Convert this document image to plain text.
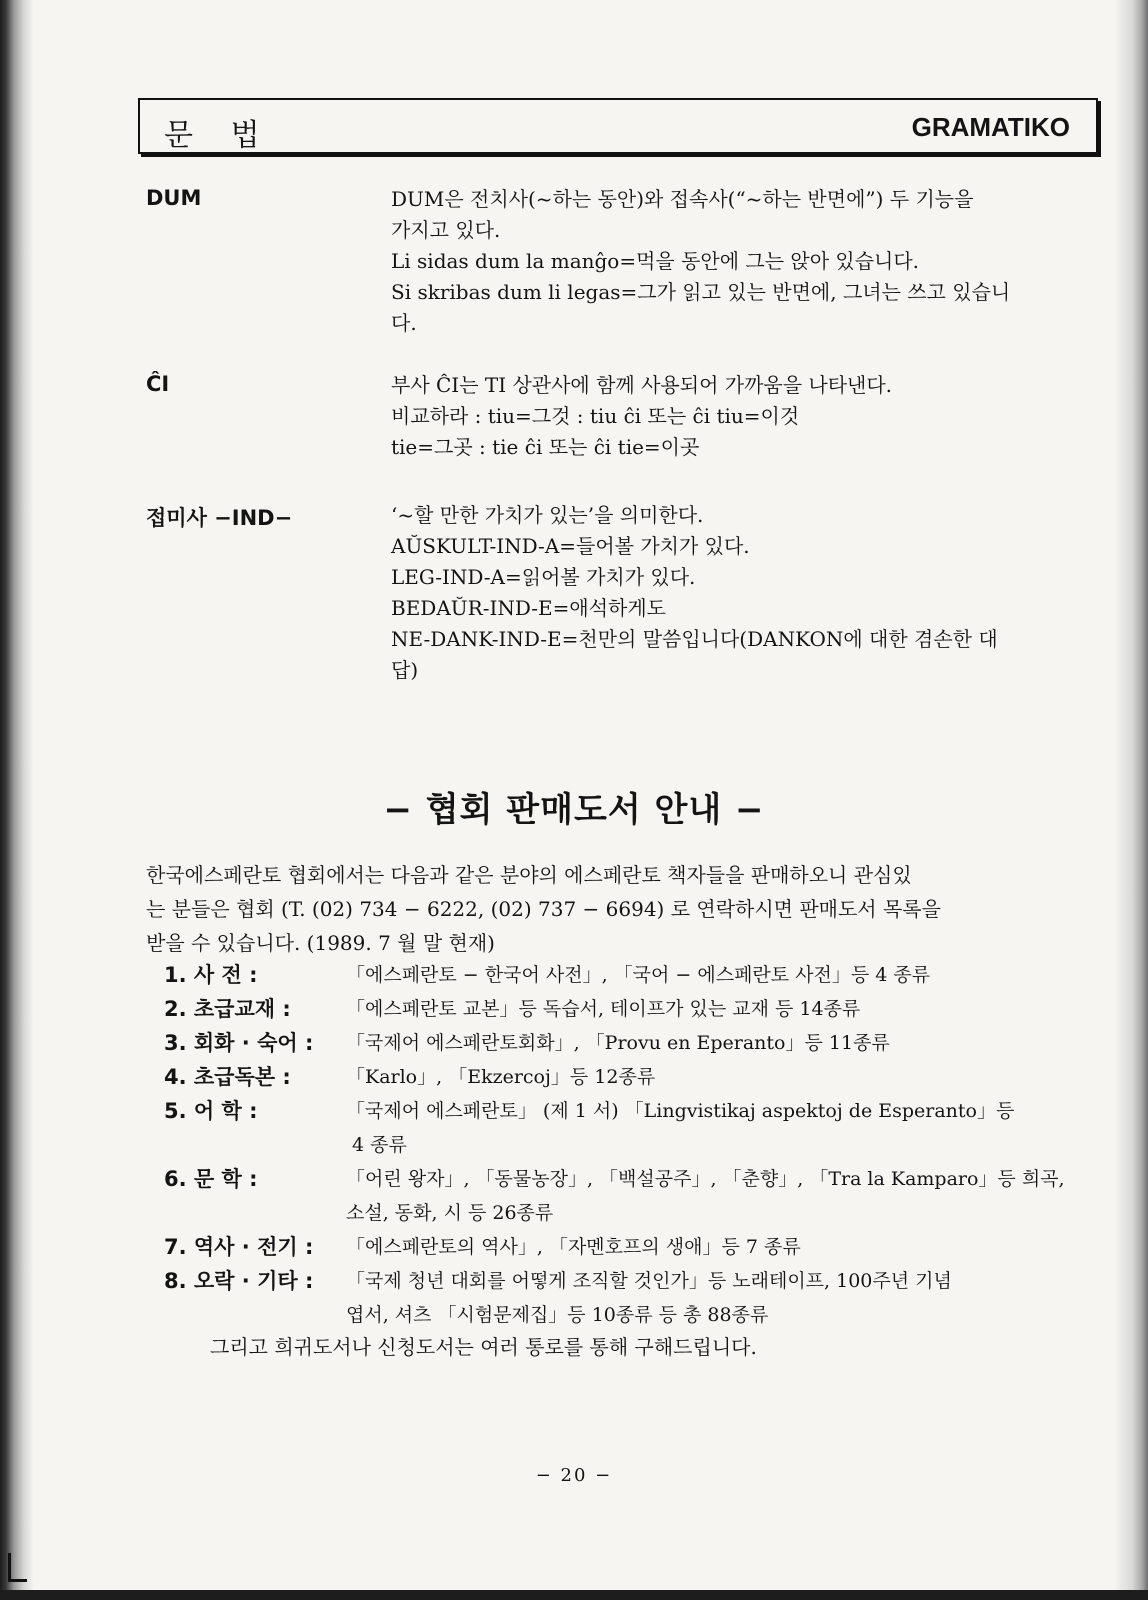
문 법	GRAMATIKO
DUM	DUM은 전치사(~하는 동안)와 접속사(“~하는 반면에”) 두 기능을
가지고 있다.
Li sidas dum la manĝo=먹을 동안에 그는 앉아 있습니다.
Si skribas dum li legas=그가 읽고 있는 반면에, 그녀는 쓰고 있습니
다.
ĈI	부사 ĈI는 TI 상관사에 함께 사용되어 가까움을 나타낸다.
비교하라 : tiu=그것 : tiu ĉi 또는 ĉi tiu=이것
tie=그곳 : tie ĉi 또는 ĉi tie=이곳
접미사 −IND−	‘~할 만한 가치가 있는’을 의미한다.
AŬSKULT-IND-A=들어볼 가치가 있다.
LEG-IND-A=읽어볼 가치가 있다.
BEDAŬR-IND-E=애석하게도
NE-DANK-IND-E=천만의 말씀입니다(DANKON에 대한 겸손한 대
답)
− 협회 판매도서 안내 −
한국에스페란토 협회에서는 다음과 같은 분야의 에스페란토 책자들을 판매하오니 관심있
는 분들은 협회 (T. (02) 734 − 6222, (02) 737 − 6694) 로 연락하시면 판매도서 목록을
받을 수 있습니다. (1989. 7 월 말 현재)
1. 사 전 :	「에스페란토 − 한국어 사전」, 「국어 − 에스페란토 사전」등 4 종류
2. 초급교재 :	「에스페란토 교본」등 독습서, 테이프가 있는 교재 등 14종류
3. 회화 · 숙어 :	「국제어 에스페란토회화」, 「Provu en Eperanto」등 11종류
4. 초급독본 :	「Karlo」, 「Ekzercoj」등 12종류
5. 어 학 :	「국제어 에스페란토」 (제 1 서) 「Lingvistikaj aspektoj de Esperanto」등
4 종류
6. 문 학 :	「어린 왕자」, 「동물농장」, 「백설공주」, 「춘향」, 「Tra la Kamparo」등 희곡,
소설, 동화, 시 등 26종류
7. 역사 · 전기 :	「에스페란토의 역사」, 「자멘호프의 생애」등 7 종류
8. 오락 · 기타 :	「국제 청년 대회를 어떻게 조직할 것인가」등 노래테이프, 100주년 기념
엽서, 셔츠 「시험문제집」등 10종류 등 총 88종류
그리고 희귀도서나 신청도서는 여러 통로를 통해 구해드립니다.
− 20 −
